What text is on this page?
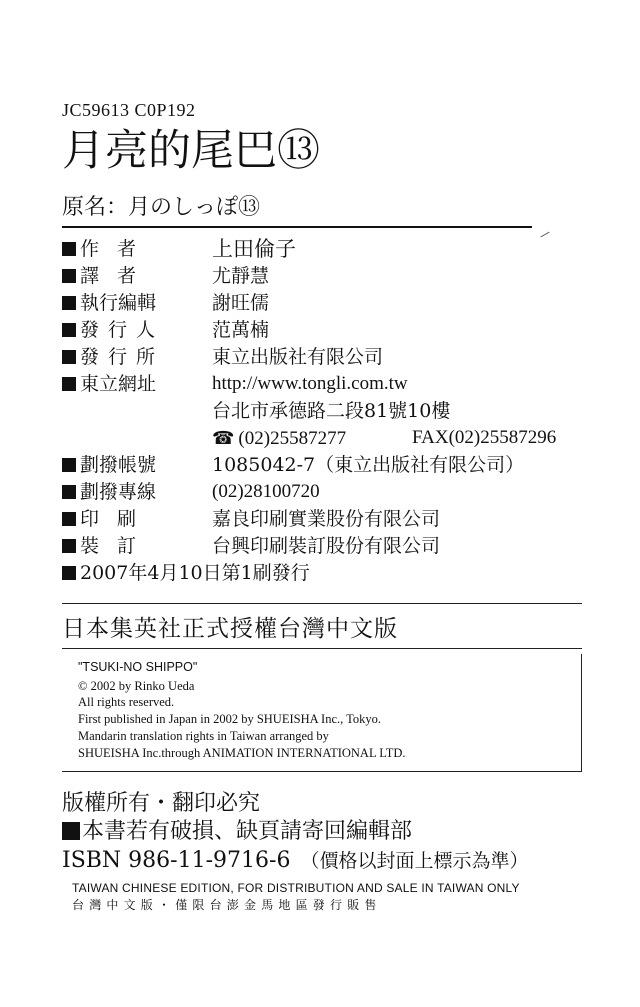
JC59613 C0P192
月亮的尾巴⑬
原名：月のしっぽ⑬
作者	上田倫子
譯者	尤靜慧
執行編輯	謝旺儒
發行人	范萬楠
發行所	東立出版社有限公司
東立網址	http://www.tongli.com.tw
台北市承德路二段81號10樓
☎ (02)25587277	FAX(02)25587296
劃撥帳號	1085042-7（東立出版社有限公司）
劃撥專線	(02)28100720
印刷	嘉良印刷實業股份有限公司
裝訂	台興印刷裝訂股份有限公司
2007年4月10日第1刷發行
日本集英社正式授權台灣中文版
"TSUKI-NO SHIPPO"
© 2002 by Rinko Ueda
All rights reserved.
First published in Japan in 2002 by SHUEISHA Inc., Tokyo.
Mandarin translation rights in Taiwan arranged by
SHUEISHA Inc.through ANIMATION INTERNATIONAL LTD.
版權所有・翻印必究
本書若有破損、缺頁請寄回編輯部
ISBN 986-11-9716-6 （價格以封面上標示為準）
TAIWAN CHINESE EDITION, FOR DISTRIBUTION AND SALE IN TAIWAN ONLY
台灣中文版・僅限台澎金馬地區發行販售
